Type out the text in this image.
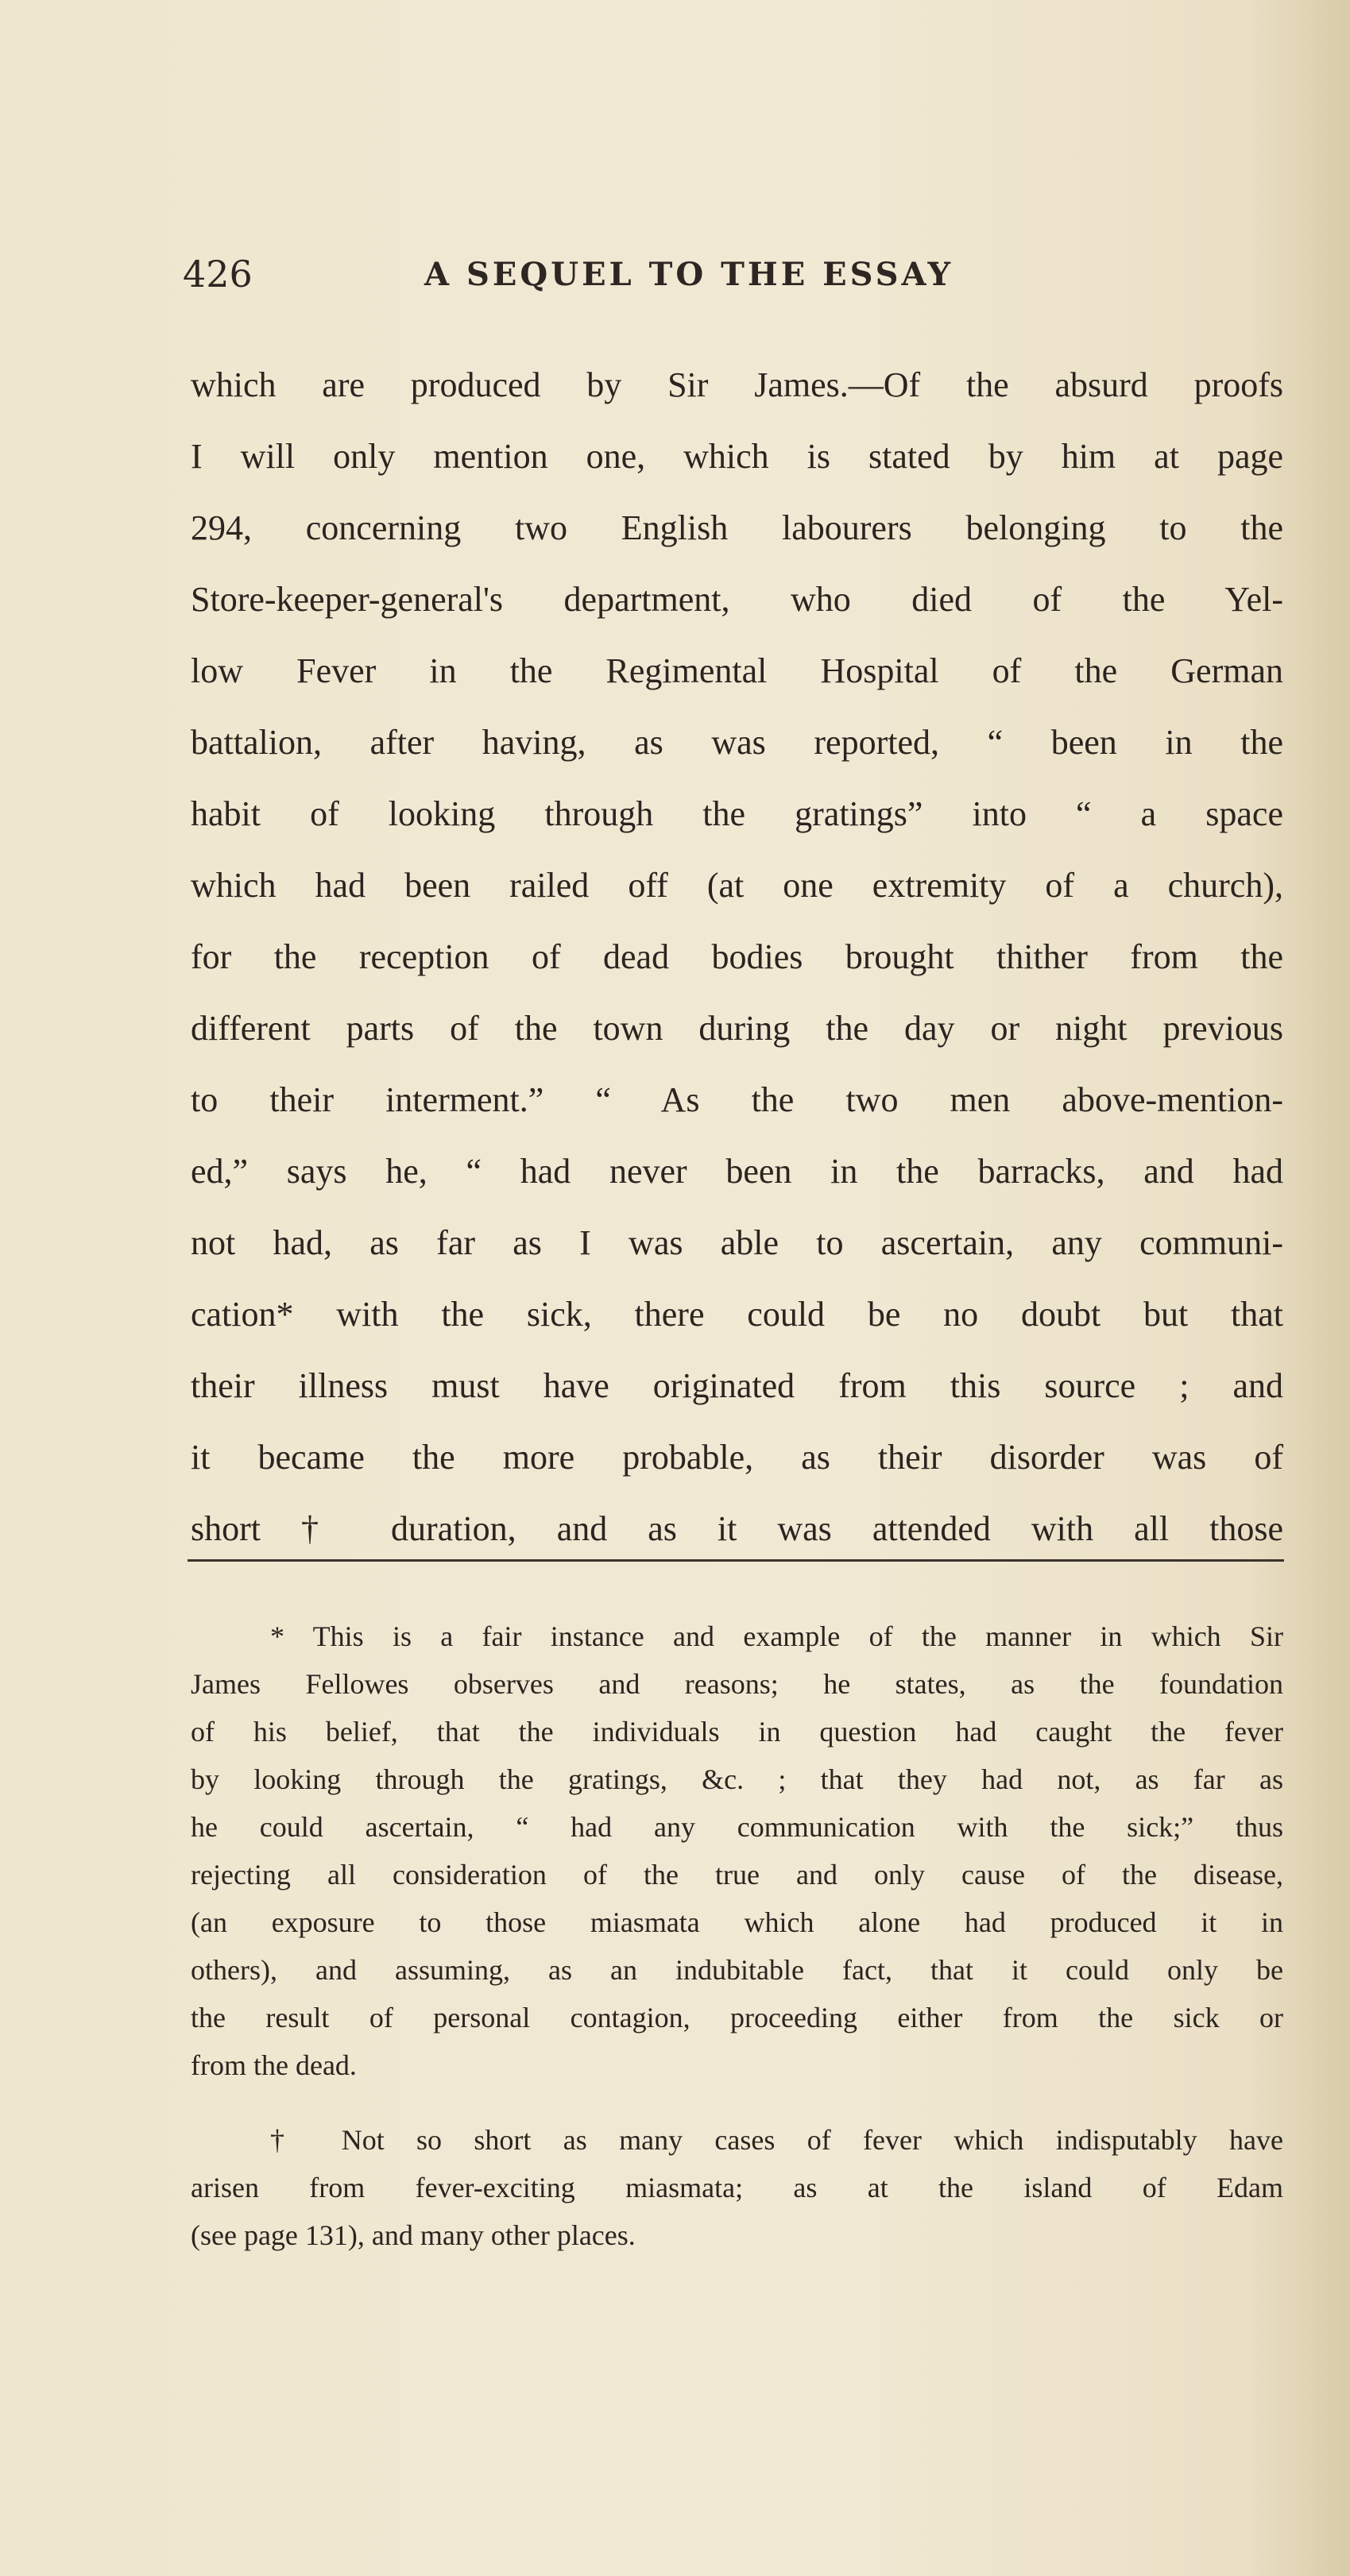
426	A SEQUEL TO THE ESSAY
which are produced by Sir James.—Of the absurd proofs
I will only mention one, which is stated by him at page
294, concerning two English labourers belonging to the
Store-keeper-general's department, who died of the Yel-
low Fever in the Regimental Hospital of the German
battalion, after having, as was reported, “ been in the
habit of looking through the gratings” into “ a space
which had been railed off (at one extremity of a church),
for the reception of dead bodies brought thither from the
different parts of the town during the day or night previous
to their interment.” “ As the two men above-mention-
ed,” says he, “ had never been in the barracks, and had
not had, as far as I was able to ascertain, any communi-
cation* with the sick, there could be no doubt but that
their illness must have originated from this source ; and
it became the more probable, as their disorder was of
short † duration, and as it was attended with all those
* This is a fair instance and example of the manner in which Sir
James Fellowes observes and reasons; he states, as the foundation
of his belief, that the individuals in question had caught the fever
by looking through the gratings, &c. ; that they had not, as far as
he could ascertain, “ had any communication with the sick;” thus
rejecting all consideration of the true and only cause of the disease,
(an exposure to those miasmata which alone had produced it in
others), and assuming, as an indubitable fact, that it could only be
the result of personal contagion, proceeding either from the sick or
from the dead.
† Not so short as many cases of fever which indisputably have
arisen from fever-exciting miasmata; as at the island of Edam
(see page 131), and many other places.
